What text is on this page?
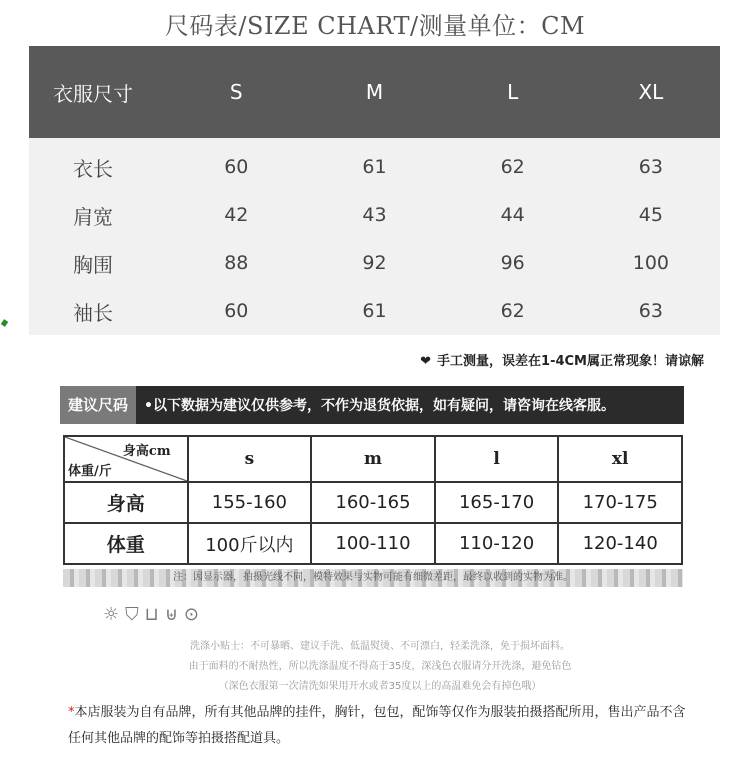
尺码表/SIZE CHART/测量单位：CM
衣服尺寸	S	M	L	XL
衣长	60	61	62	63
肩宽	42	43	44	45
胸围	88	92	96	100
袖长	60	61	62	63
❤ 手工测量，误差在1-4CM属正常现象！请谅解
建议尺码	•以下数据为建议仅供参考，不作为退货依据，如有疑问，请咨询在线客服。
身高cm
体重/斤	s	m	l	xl
身高	155-160	160-165	165-170	170-175
体重	100斤以内	100-110	110-120	120-140
注：因显示器，拍摄光线不同，模特效果与实物可能有细微差距，最终以收到的实物为准。
☼ ⛉ ⊔ ⊎ ⊙
洗涤小贴士：不可暴晒、建议手洗、低温熨烫、不可漂白，轻柔洗涤，免于损坏面料。
由于面料的不耐热性，所以洗涤温度不得高于35度，深浅色衣服请分开洗涤，避免钻色
（深色衣服第一次清洗如果用开水或者35度以上的高温难免会有掉色哦）
*本店服装为自有品牌，所有其他品牌的挂件，胸针，包包，配饰等仅作为服装拍摄搭配所用，售出产品不含任何其他品牌的配饰等拍摄搭配道具。
